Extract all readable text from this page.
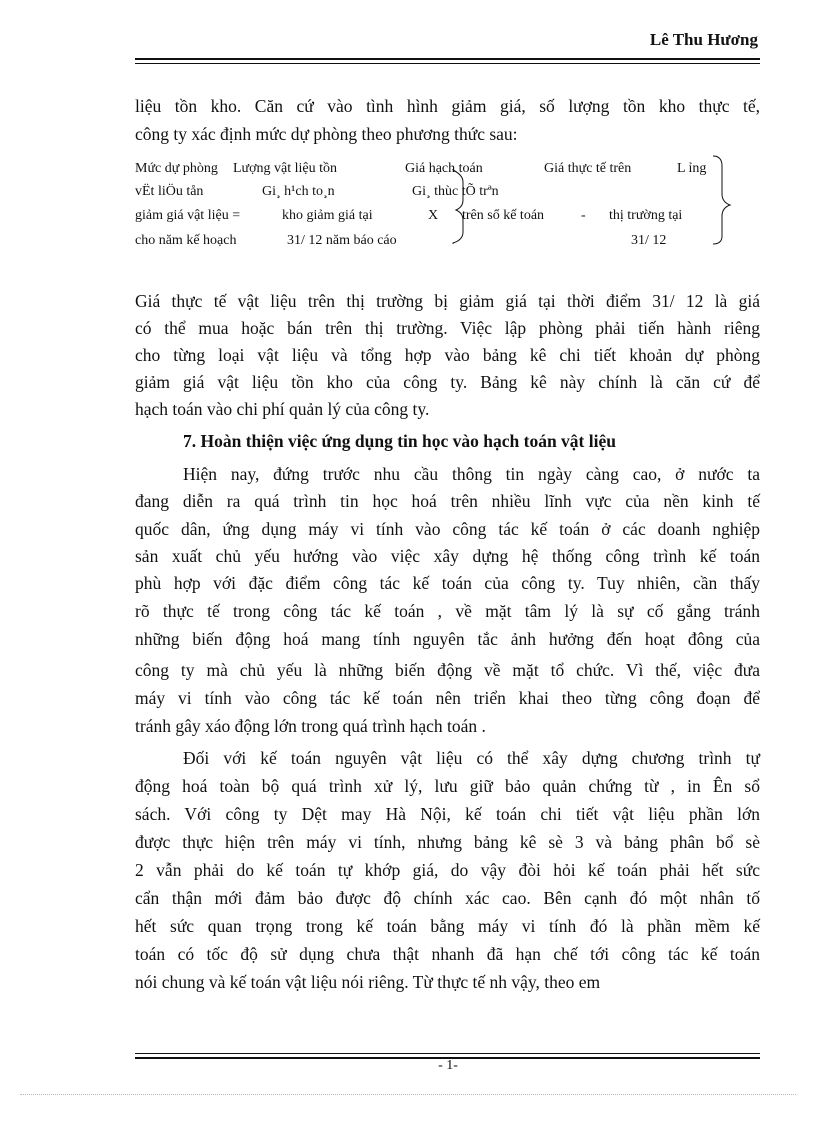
Lê Thu Hương
liệu tồn kho. Căn cứ vào tình hình giảm giá, số lượng tồn kho thực tế,
công ty xác định mức dự phòng theo phương thức sau:
Mức dự phòng Lượng vật liệu tồn	Giá hạch toán	Giá thực tế trên	L ỉng
vËt liÖu tån	Gi¸ h¹ch to¸n	Gi¸ thùc tÕ trªn
giảm giá vật liệu =	kho giảm giá tại	X trên sổ kế toán	- thị trường tại
cho năm kế hoạch	31/ 12 năm báo cáo	31/ 12
Giá thực tế vật liệu trên thị trường bị giảm giá tại thời điểm 31/ 12 là giá
có thể mua hoặc bán trên thị trường. Việc lập phòng phải tiến hành riêng
cho từng loại vật liệu và tổng hợp vào bảng kê chi tiết khoản dự phòng
giảm giá vật liệu tồn kho của công ty. Bảng kê này chính là căn cứ để
hạch toán vào chi phí quản lý của công ty.
7. Hoàn thiện việc ứng dụng tin học vào hạch toán vật liệu
Hiện nay, đứng trước nhu cầu thông tin ngày càng cao, ở nước ta
đang diễn ra quá trình tin học hoá trên nhiều lĩnh vực của nền kinh tế
quốc dân, ứng dụng máy vi tính vào công tác kế toán ở các doanh nghiệp
sản xuất chủ yếu hướng vào việc xây dựng hệ thống công trình kế toán
phù hợp với đặc điểm công tác kế toán của công ty. Tuy nhiên, cần thấy
rõ thực tế trong công tác kế toán , về mặt tâm lý là sự cố gắng tránh
những biến động hoá mang tính nguyên tắc ảnh hưởng đến hoạt đông của
công ty mà chủ yếu là những biến động về mặt tổ chức. Vì thế, việc đưa
máy vi tính vào công tác kế toán nên triển khai theo từng công đoạn để
tránh gây xáo động lớn trong quá trình hạch toán .
Đối với kế toán nguyên vật liệu có thể xây dựng chương trình tự
động hoá toàn bộ quá trình xử lý, lưu giữ bảo quản chứng từ , in Ên sổ
sách. Với công ty Dệt may Hà Nội, kế toán chi tiết vật liệu phần lớn
được thực hiện trên máy vi tính, nhưng bảng kê sè 3 và bảng phân bổ sè
2 vẫn phải do kế toán tự khớp giá, do vậy đòi hỏi kế toán phải hết sức
cẩn thận mới đảm bảo được độ chính xác cao. Bên cạnh đó một nhân tố
hết sức quan trọng trong kế toán bằng máy vi tính đó là phần mềm kế
toán có tốc độ sử dụng chưa thật nhanh đã hạn chế tới công tác kế toán
nói chung và kế toán vật liệu nói riêng. Từ thực tế nh vậy, theo em
- 1-
